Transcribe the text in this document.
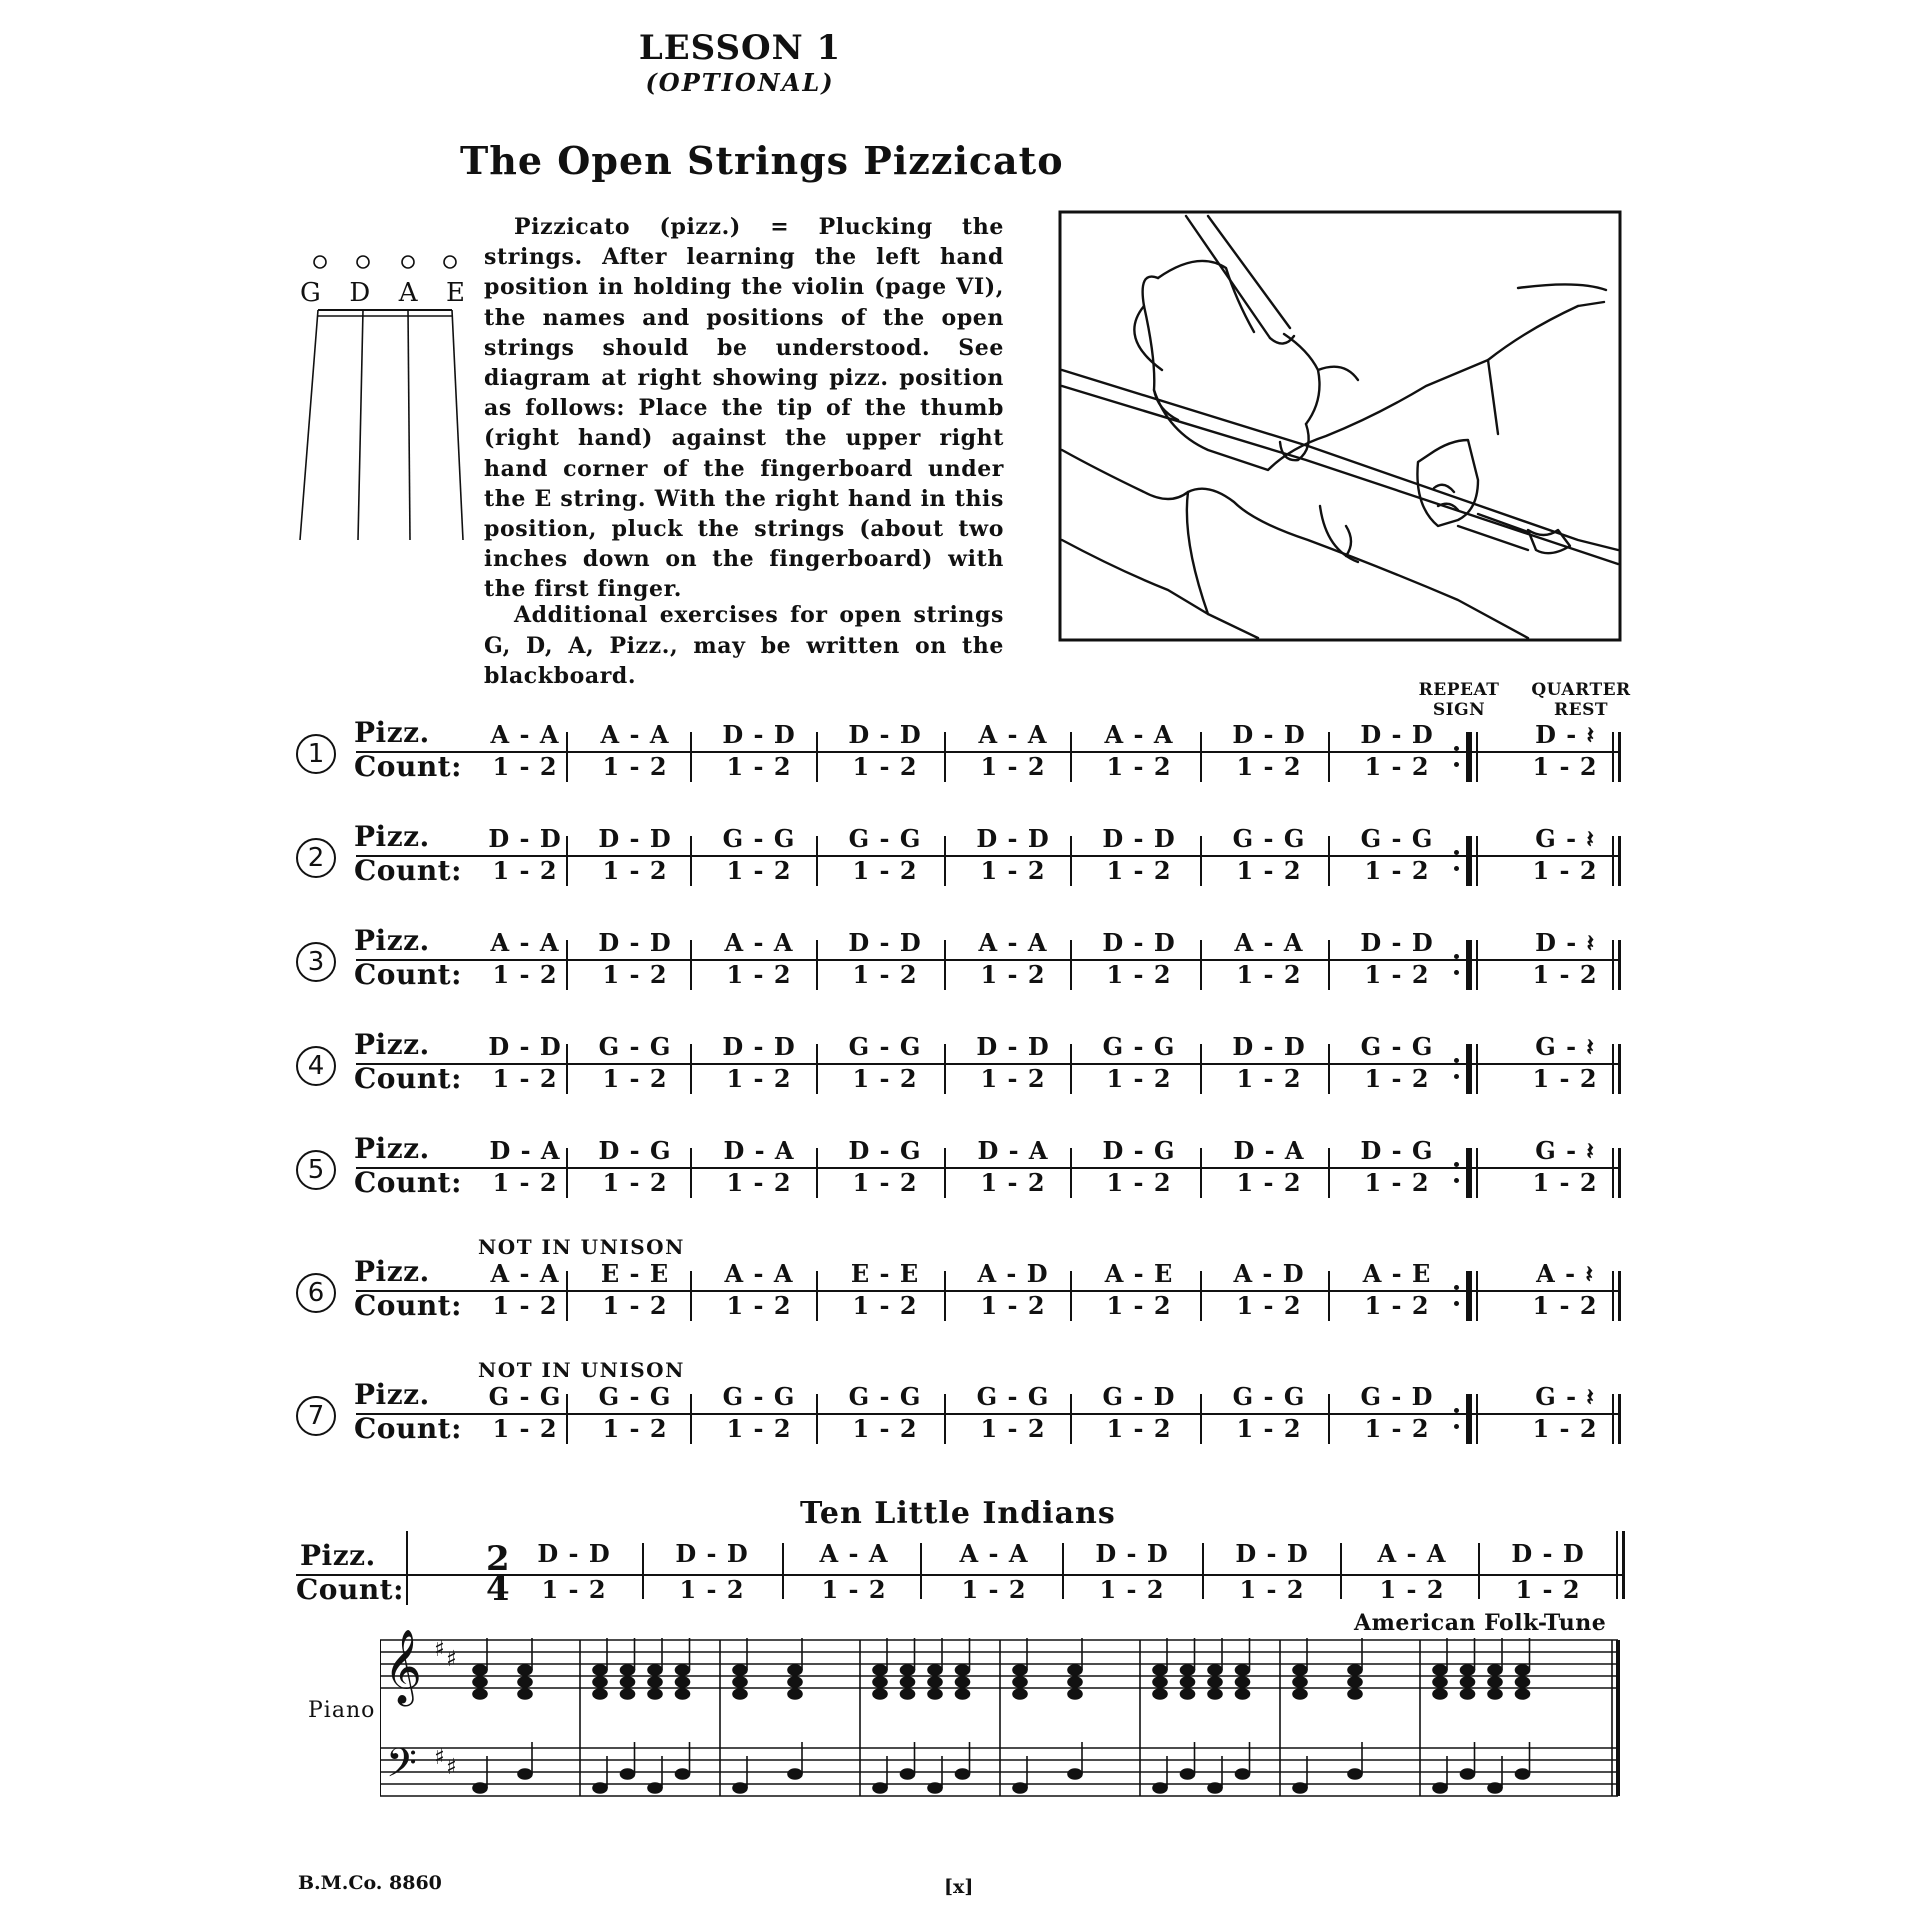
LESSON 1
(OPTIONAL)
The Open Strings Pizzicato
G D A E

Pizzicato (pizz.) = Plucking the strings. After learning the left hand position in holding the violin (page VI), the names and positions of the open strings should be understood. See diagram at right showing pizz. position as follows: Place the tip of the thumb (right hand) against the upper right hand corner of the fingerboard under the E string. With the right hand in this position, pluck the strings (about two inches down on the fingerboard) with the first finger.

Additional exercises for open strings G, D, A, Pizz., may be written on the blackboard.

REPEAT SIGN
QUARTER REST
1
Pizz.
Count:
A - A
1 - 2
A - A
1 - 2
D - D
1 - 2
D - D
1 - 2
A - A
1 - 2
A - A
1 - 2
D - D
1 - 2
D - D
1 - 2
D - 𝄽
1 - 2
2
Pizz.
Count:
D - D
1 - 2
D - D
1 - 2
G - G
1 - 2
G - G
1 - 2
D - D
1 - 2
D - D
1 - 2
G - G
1 - 2
G - G
1 - 2
G - 𝄽
1 - 2
3
Pizz.
Count:
A - A
1 - 2
D - D
1 - 2
A - A
1 - 2
D - D
1 - 2
A - A
1 - 2
D - D
1 - 2
A - A
1 - 2
D - D
1 - 2
D - 𝄽
1 - 2
4
Pizz.
Count:
D - D
1 - 2
G - G
1 - 2
D - D
1 - 2
G - G
1 - 2
D - D
1 - 2
G - G
1 - 2
D - D
1 - 2
G - G
1 - 2
G - 𝄽
1 - 2
5
Pizz.
Count:
D - A
1 - 2
D - G
1 - 2
D - A
1 - 2
D - G
1 - 2
D - A
1 - 2
D - G
1 - 2
D - A
1 - 2
D - G
1 - 2
G - 𝄽
1 - 2
NOT IN UNISON
6
Pizz.
Count:
A - A
1 - 2
E - E
1 - 2
A - A
1 - 2
E - E
1 - 2
A - D
1 - 2
A - E
1 - 2
A - D
1 - 2
A - E
1 - 2
A - 𝄽
1 - 2
NOT IN UNISON
7
Pizz.
Count:
G - G
1 - 2
G - G
1 - 2
G - G
1 - 2
G - G
1 - 2
G - G
1 - 2
G - D
1 - 2
G - G
1 - 2
G - D
1 - 2
G - 𝄽
1 - 2
Ten Little Indians
Pizz.
Count:
2
4
D - D
1 - 2
D - D
1 - 2
A - A
1 - 2
A - A
1 - 2
D - D
1 - 2
D - D
1 - 2
A - A
1 - 2
D - D
1 - 2
American Folk-Tune
Piano
𝄞
𝄢
♯ ♯
♯ ♯
B.M.Co. 8860	[x]
